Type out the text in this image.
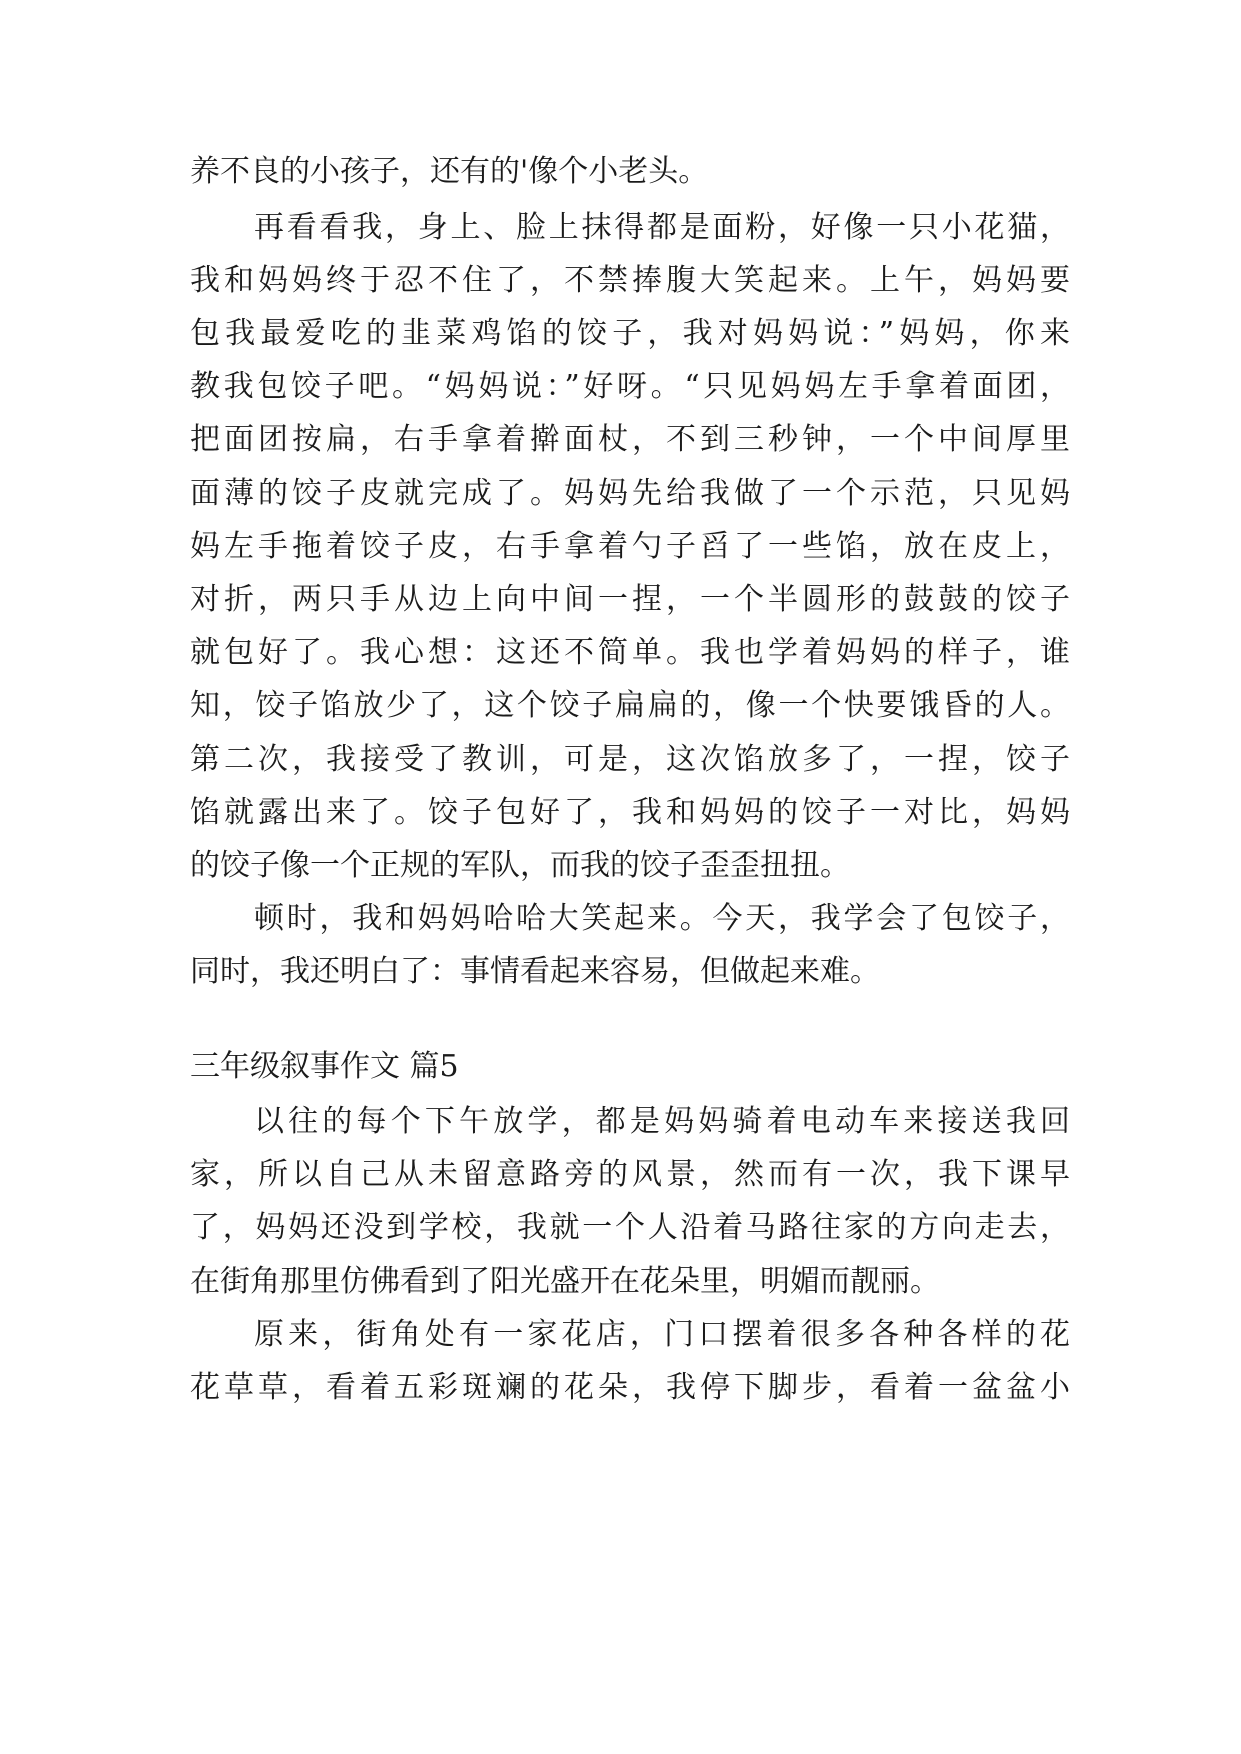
养不良的小孩子，还有的'像个小老头。
再看看我，身上、脸上抹得都是面粉，好像一只小花猫，
我和妈妈终于忍不住了，不禁捧腹大笑起来。上午，妈妈要
包我最爱吃的韭菜鸡馅的饺子，我对妈妈说：”妈妈，你来
教我包饺子吧。“妈妈说：”好呀。“只见妈妈左手拿着面团，
把面团按扁，右手拿着擀面杖，不到三秒钟，一个中间厚里
面薄的饺子皮就完成了。妈妈先给我做了一个示范，只见妈
妈左手拖着饺子皮，右手拿着勺子舀了一些馅，放在皮上，
对折，两只手从边上向中间一捏，一个半圆形的鼓鼓的饺子
就包好了。我心想：这还不简单。我也学着妈妈的样子，谁
知，饺子馅放少了，这个饺子扁扁的，像一个快要饿昏的人。
第二次，我接受了教训，可是，这次馅放多了，一捏，饺子
馅就露出来了。饺子包好了，我和妈妈的饺子一对比，妈妈
的饺子像一个正规的军队，而我的饺子歪歪扭扭。
顿时，我和妈妈哈哈大笑起来。今天，我学会了包饺子，
同时，我还明白了：事情看起来容易，但做起来难。
三年级叙事作文 篇5
以往的每个下午放学，都是妈妈骑着电动车来接送我回
家，所以自己从未留意路旁的风景，然而有一次，我下课早
了，妈妈还没到学校，我就一个人沿着马路往家的方向走去，
在街角那里仿佛看到了阳光盛开在花朵里，明媚而靓丽。
原来，街角处有一家花店，门口摆着很多各种各样的花
花草草，看着五彩斑斓的花朵，我停下脚步，看着一盆盆小
